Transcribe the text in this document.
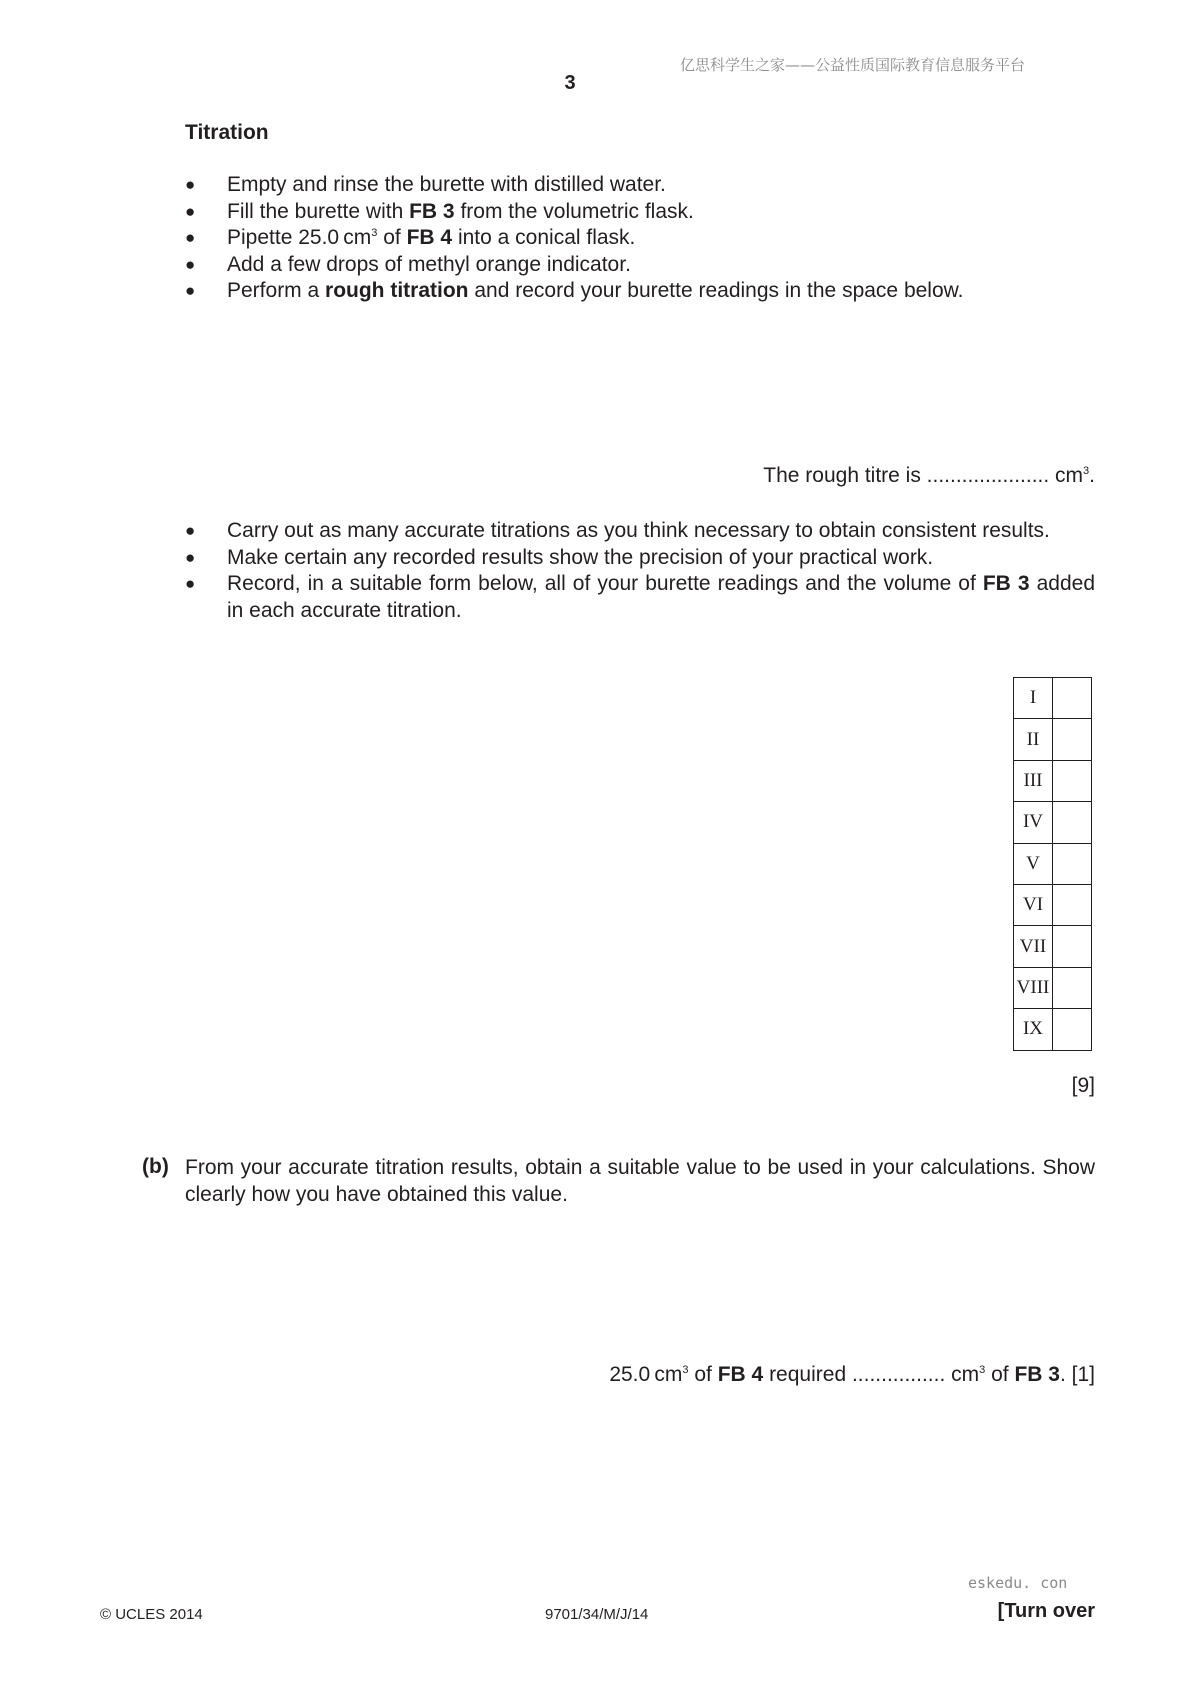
亿思科学生之家——公益性质国际教育信息服务平台
3
Titration
● Empty and rinse the burette with distilled water.
● Fill the burette with FB 3 from the volumetric flask.
● Pipette 25.0 $cm^3$ of FB 4 into a conical flask.
● Add a few drops of methyl orange indicator.
● Perform a rough titration and record your burette readings in the space below.
The rough titre is ..................... $cm^3$.
● Carry out as many accurate titrations as you think necessary to obtain consistent results.
● Make certain any recorded results show the precision of your practical work.
● Record, in a suitable form below, all of your burette readings and the volume of FB 3 added in each accurate titration.
I	
II	
III	
IV	
V	
VI	
VII	
VIII	
IX	
[9]
(b) From your accurate titration results, obtain a suitable value to be used in your calculations. Show clearly how you have obtained this value.
25.0 $cm^3$ of FB 4 required ................ $cm^3$ of FB 3. [1]
eskedu. con
© UCLES 2014	9701/34/M/J/14	[Turn over
